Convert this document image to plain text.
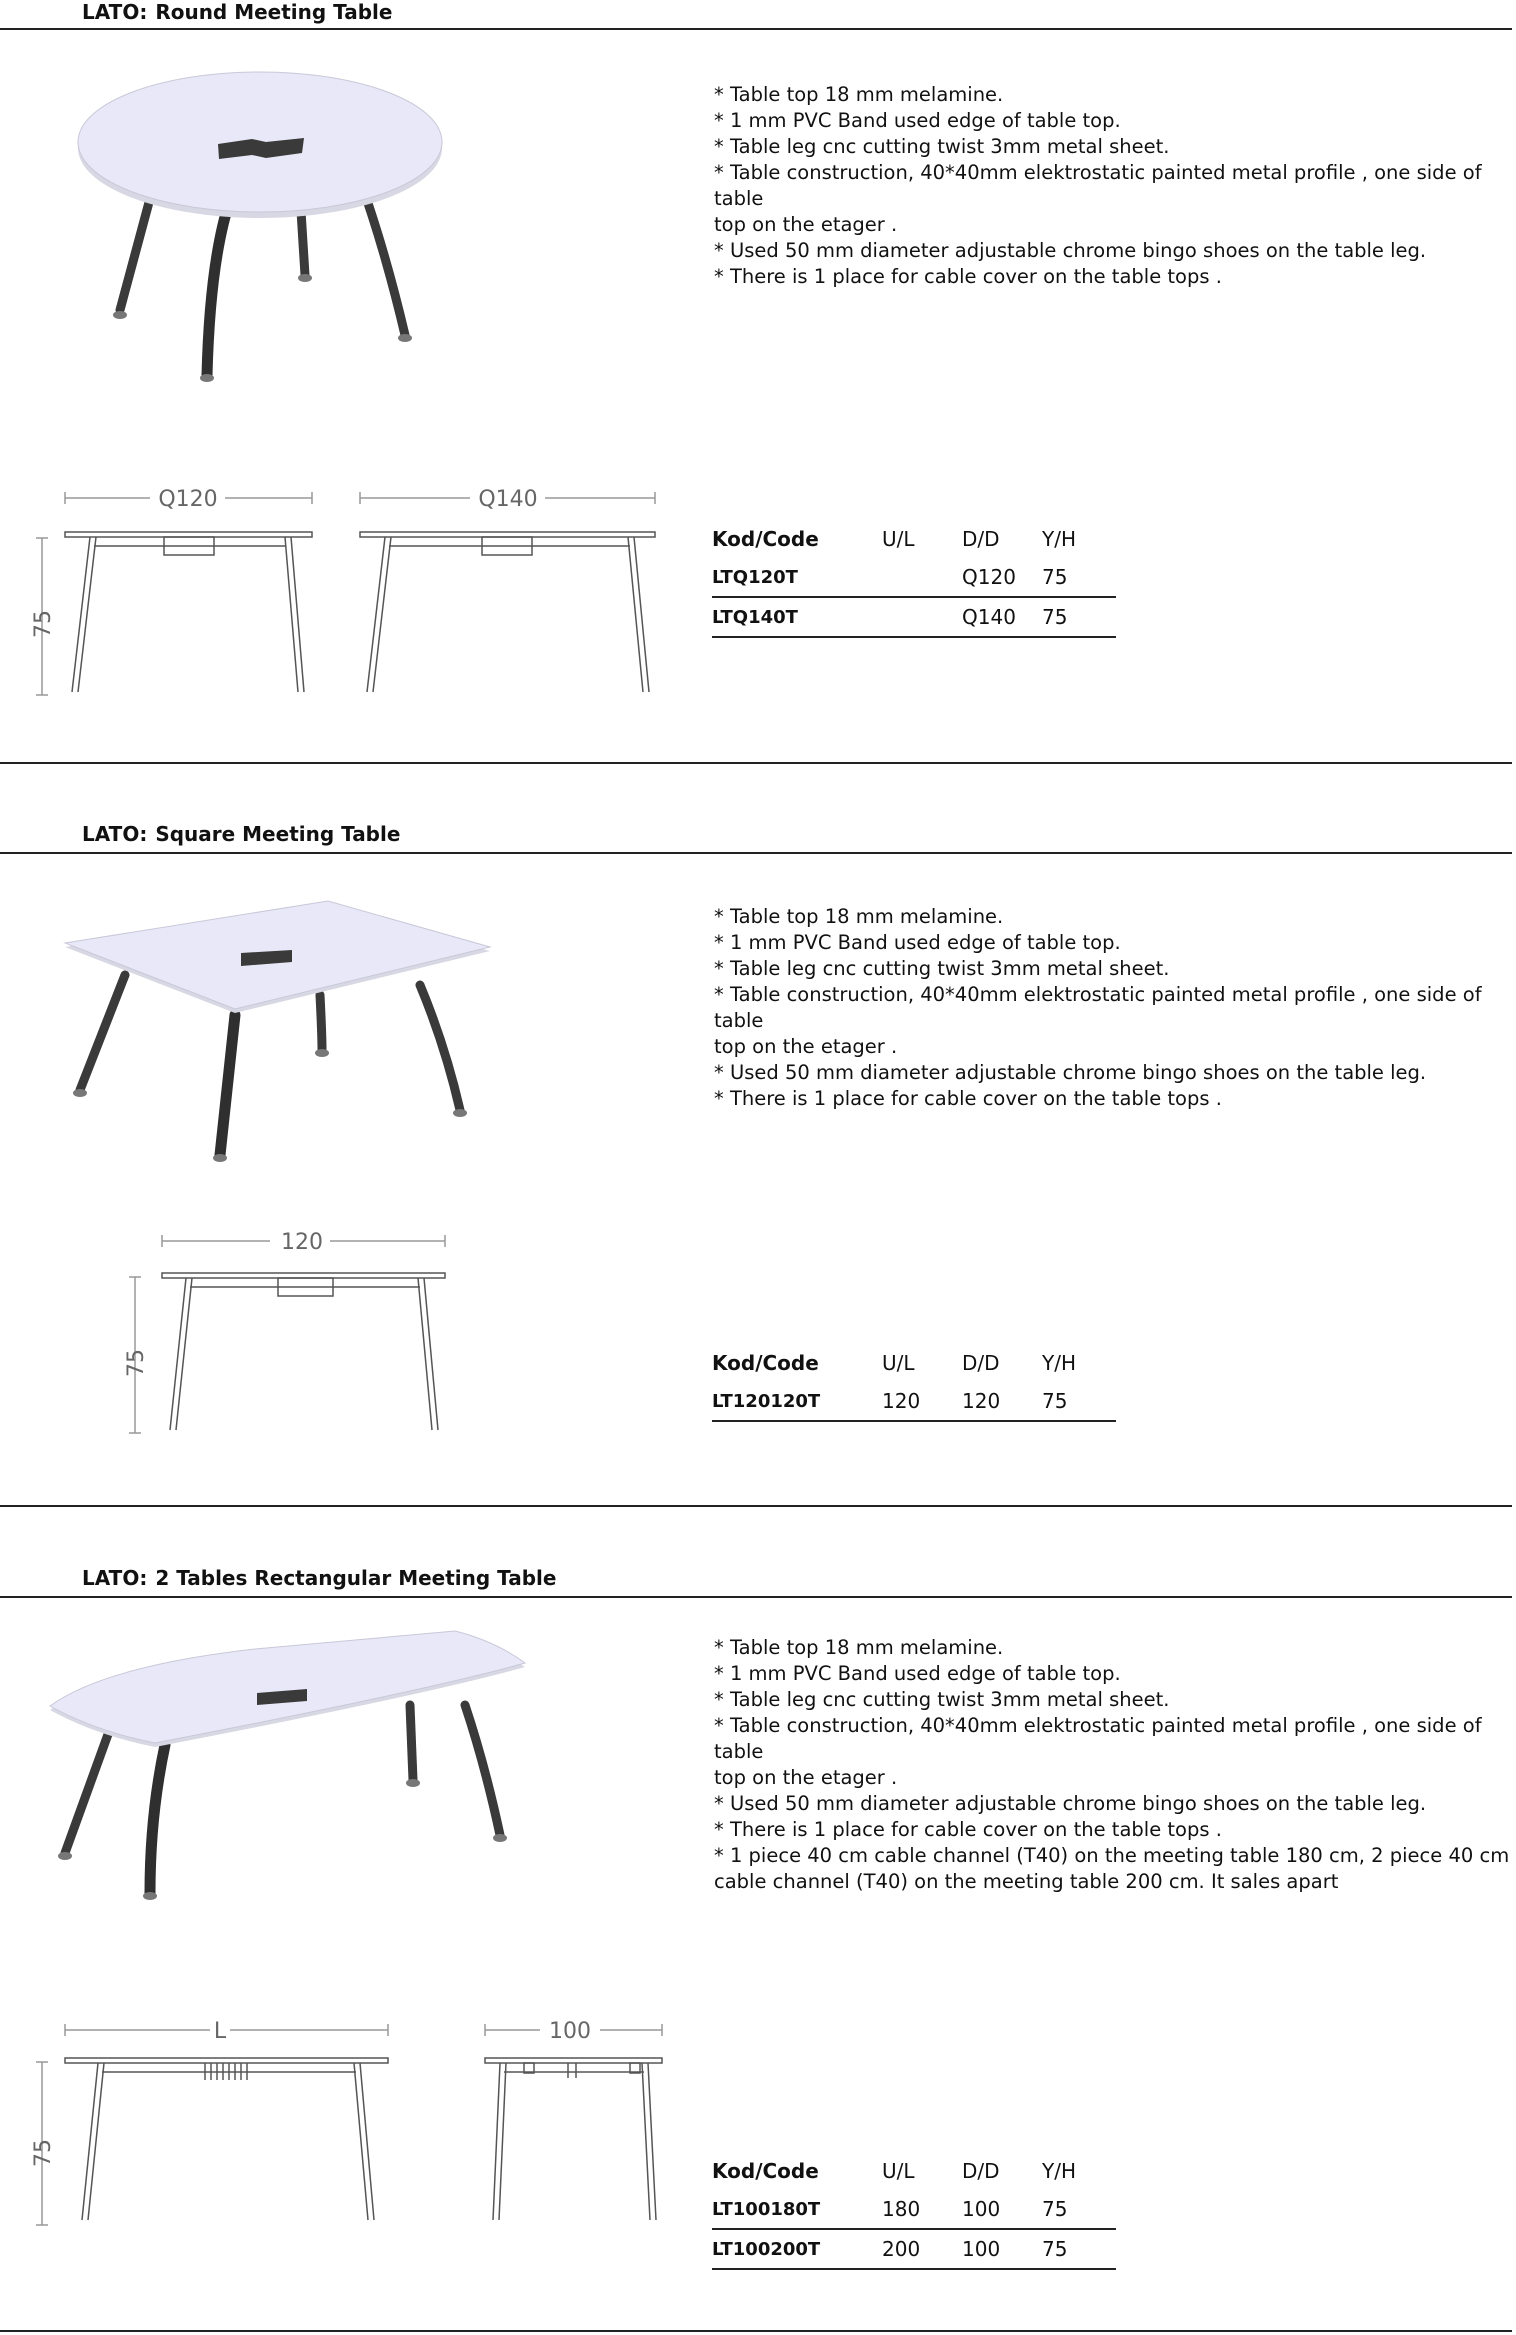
LATO: Round Meeting Table
* Table top 18 mm melamine.
* 1 mm PVC Band used edge of table top.
* Table leg cnc cutting twist 3mm metal sheet.
* Table construction, 40*40mm elektrostatic painted metal profile , one side of table
top on the etager .
* Used 50 mm diameter adjustable chrome bingo shoes on the table leg.
* There is 1 place for cable cover on the table tops .
75
Q120	Q140
Kod/Code	U/L	D/D	Y/H
LTQ120T		Q120	75
LTQ140T		Q140	75
LATO: Square Meeting Table
* Table top 18 mm melamine.
* 1 mm PVC Band used edge of table top.
* Table leg cnc cutting twist 3mm metal sheet.
* Table construction, 40*40mm elektrostatic painted metal profile , one side of table
top on the etager .
* Used 50 mm diameter adjustable chrome bingo shoes on the table leg.
* There is 1 place for cable cover on the table tops .
75
120
Kod/Code	U/L	D/D	Y/H
LT120120T	120	120	75
LATO: 2 Tables Rectangular Meeting Table
* Table top 18 mm melamine.
* 1 mm PVC Band used edge of table top.
* Table leg cnc cutting twist 3mm metal sheet.
* Table construction, 40*40mm elektrostatic painted metal profile , one side of table
top on the etager .
* Used 50 mm diameter adjustable chrome bingo shoes on the table leg.
* There is 1 place for cable cover on the table tops .
* 1 piece 40 cm cable channel (T40) on the meeting table 180 cm, 2 piece 40 cm
cable channel (T40) on the meeting table 200 cm. It sales apart
75
L	100
Kod/Code	U/L	D/D	Y/H
LT100180T	180	100	75
LT100200T	200	100	75
